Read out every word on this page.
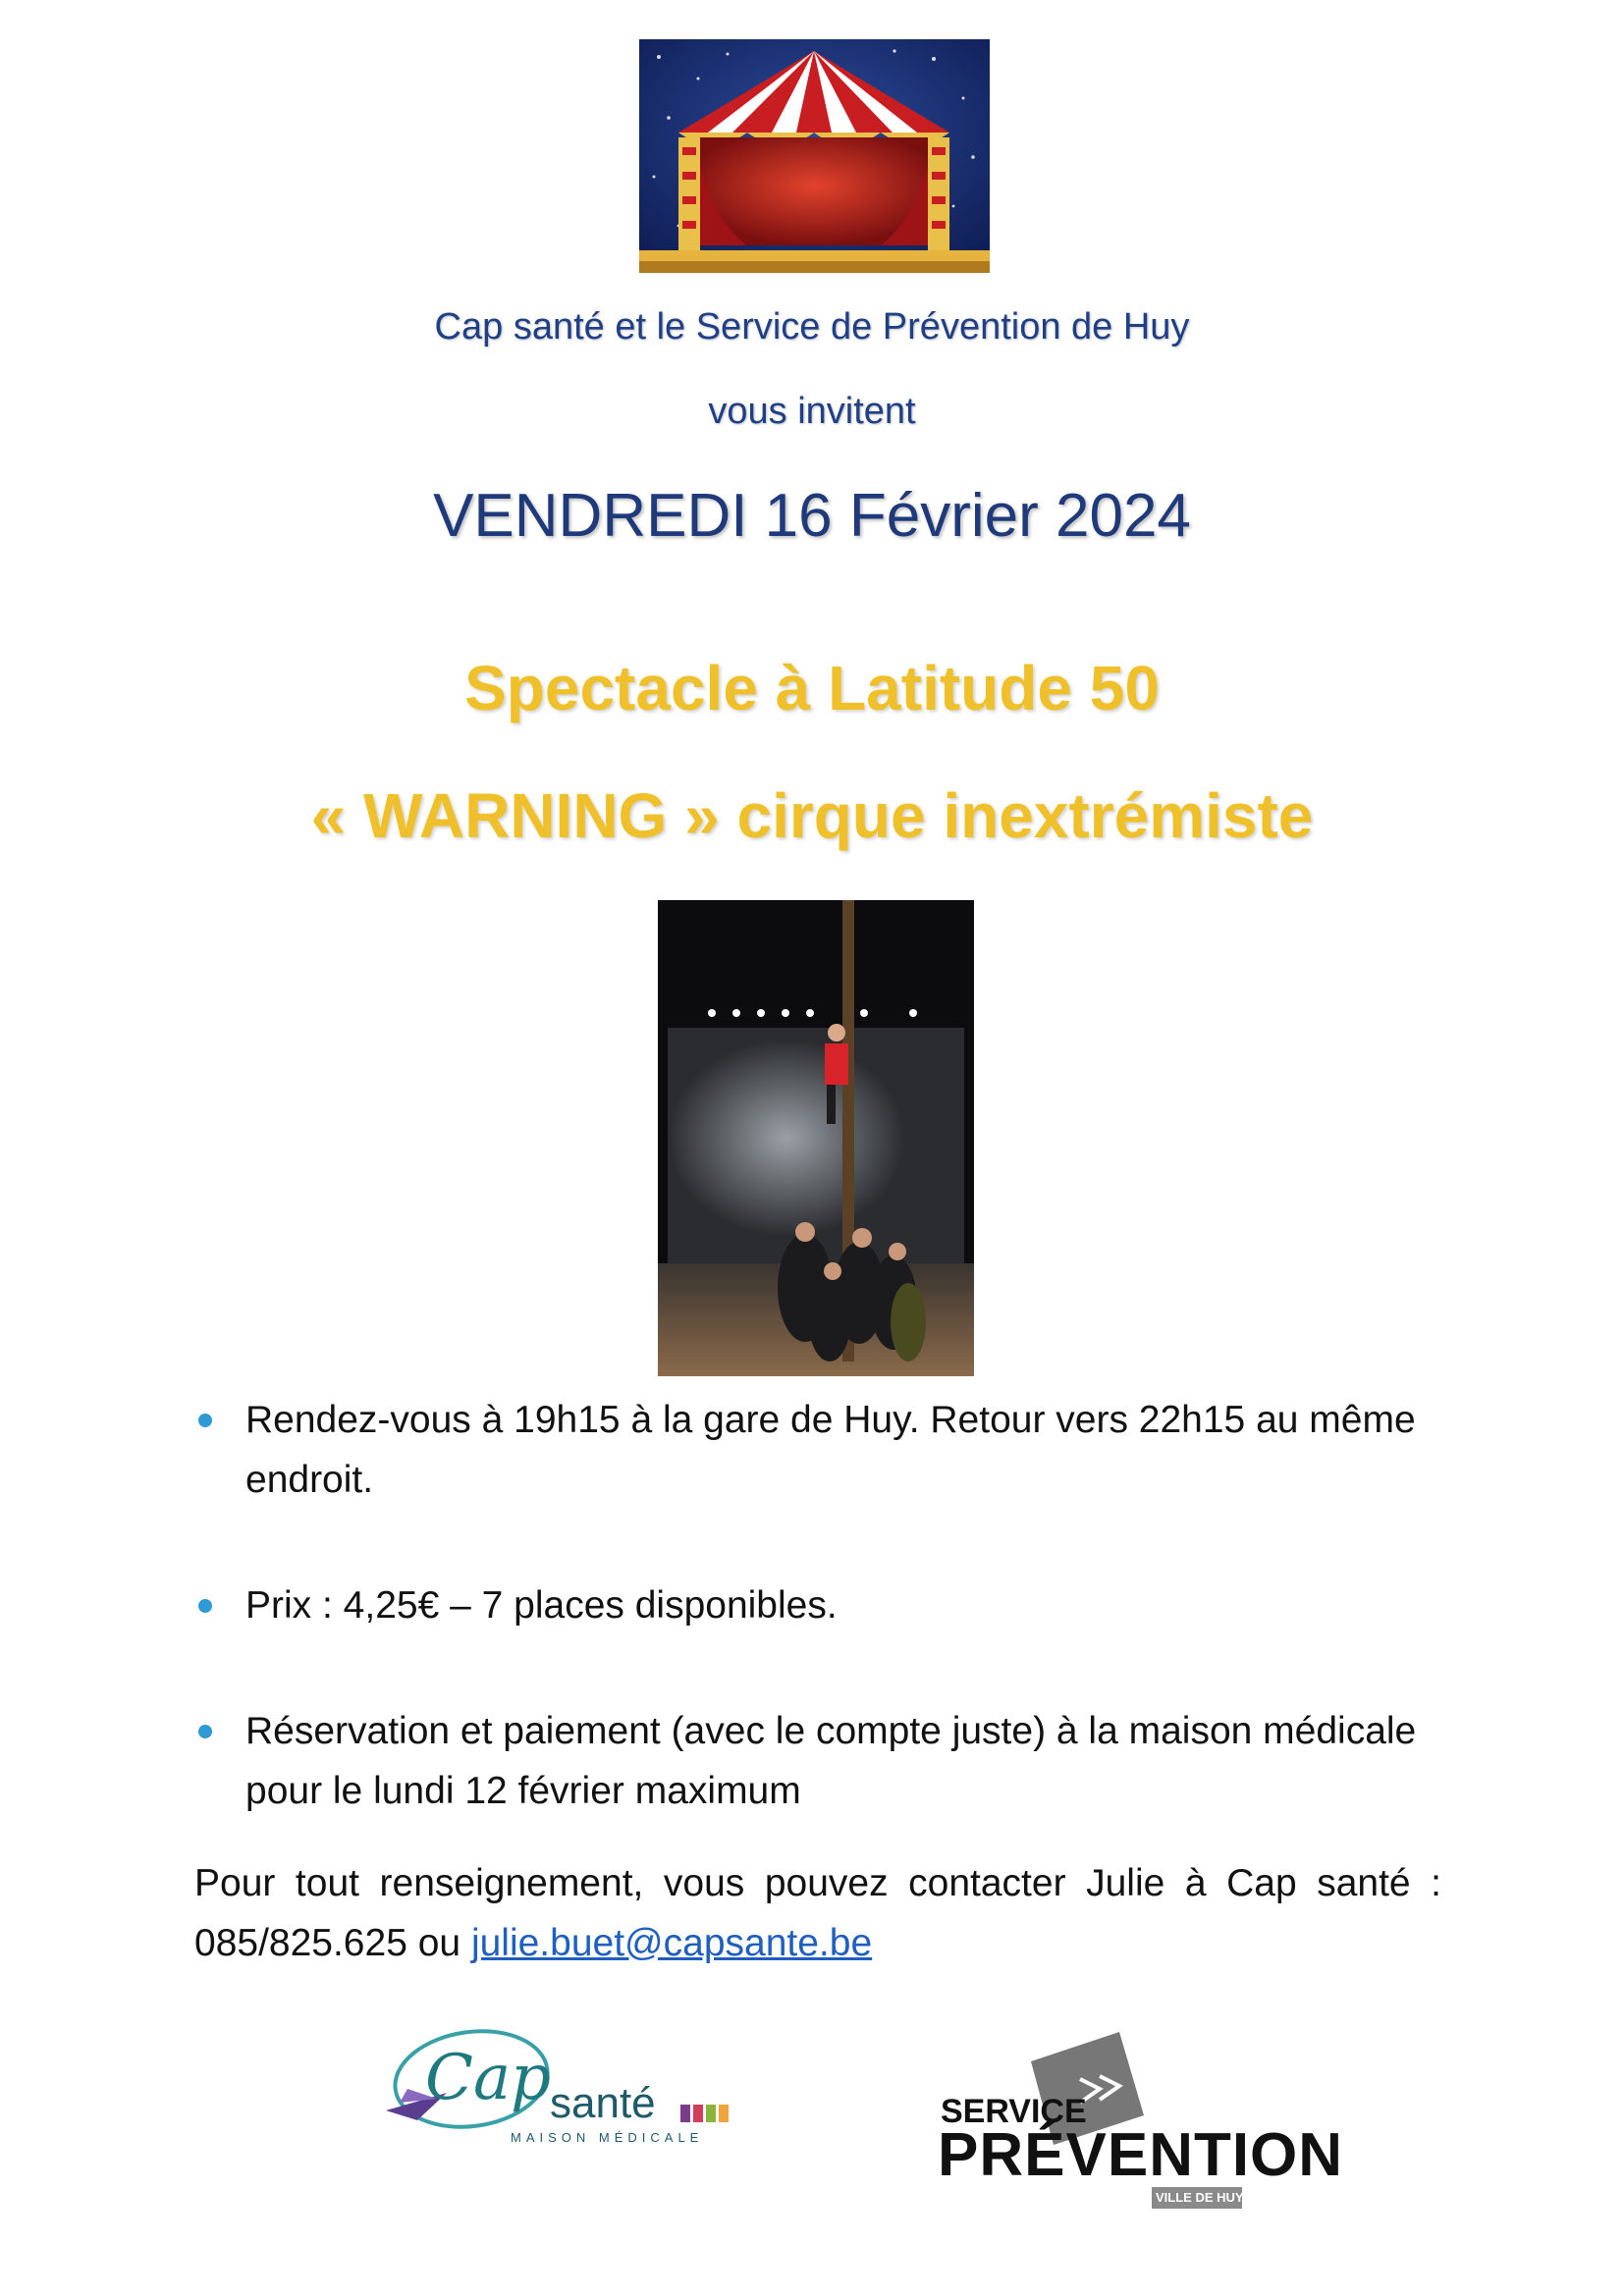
Cap santé et le Service de Prévention de Huy
vous invitent
VENDREDI 16 Février 2024
Spectacle à Latitude 50
« WARNING » cirque inextrémiste
Rendez-vous à 19h15 à la gare de Huy. Retour vers 22h15 au même endroit.
Prix : 4,25€ – 7 places disponibles.
Réservation et paiement (avec le compte juste) à la maison médicale pour le lundi 12 février maximum
Pour tout renseignement, vous pouvez contacter Julie à Cap santé : 085/825.625 ou julie.buet@capsante.be
Cap
santé
MAISON MÉDICALE
SERVICE
PRÉVENTION
VILLE DE HUY
